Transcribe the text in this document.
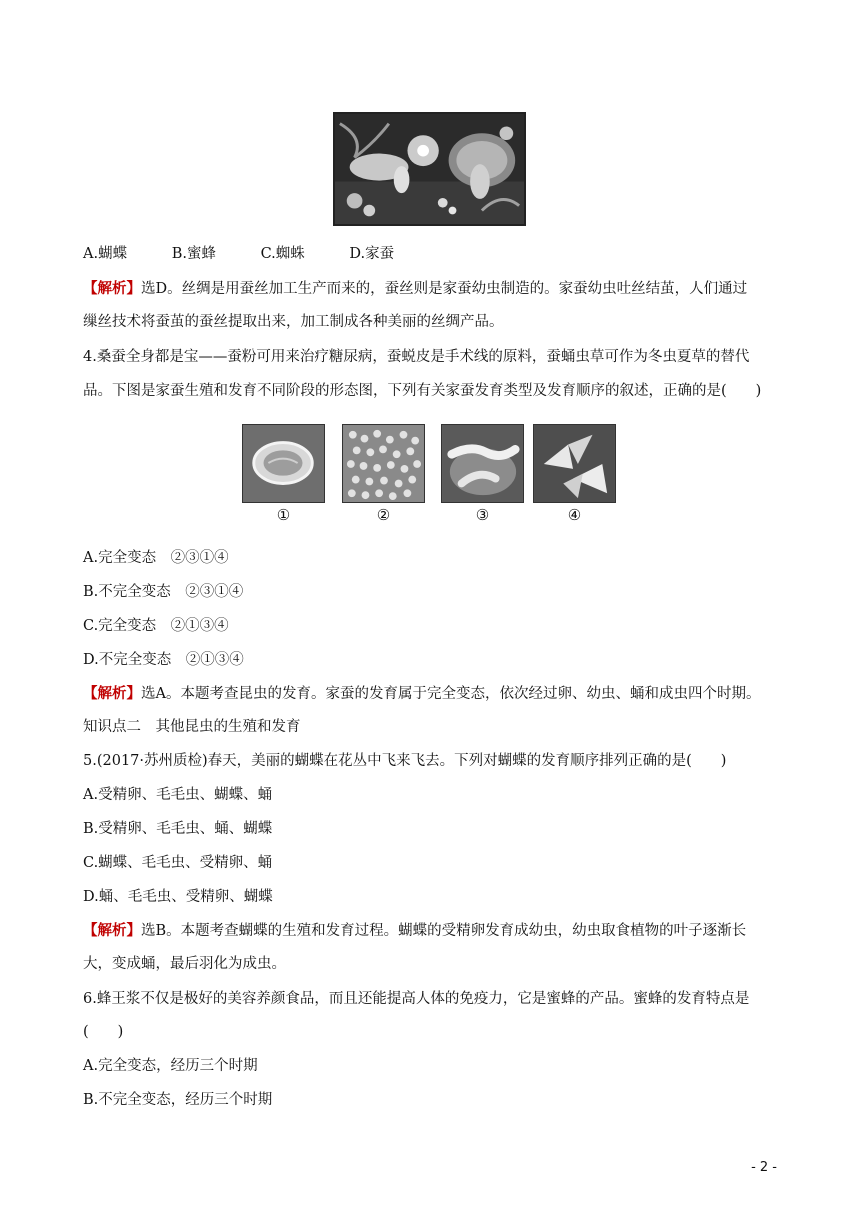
A.蝴蝶	B.蜜蜂	C.蜘蛛	D.家蚕
【解析】选D。丝绸是用蚕丝加工生产而来的，蚕丝则是家蚕幼虫制造的。家蚕幼虫吐丝结茧，人们通过
缫丝技术将蚕茧的蚕丝提取出来，加工制成各种美丽的丝绸产品。
4.桑蚕全身都是宝——蚕粉可用来治疗糖尿病，蚕蜕皮是手术线的原料，蚕蛹虫草可作为冬虫夏草的替代
品。下图是家蚕生殖和发育不同阶段的形态图，下列有关家蚕发育类型及发育顺序的叙述，正确的是(　　)
①	②	③	④
A.完全变态　②③①④
B.不完全变态　②③①④
C.完全变态　②①③④
D.不完全变态　②①③④
【解析】选A。本题考查昆虫的发育。家蚕的发育属于完全变态，依次经过卵、幼虫、蛹和成虫四个时期。
知识点二　其他昆虫的生殖和发育
5.(2017·苏州质检)春天，美丽的蝴蝶在花丛中飞来飞去。下列对蝴蝶的发育顺序排列正确的是(　　)
A.受精卵、毛毛虫、蝴蝶、蛹
B.受精卵、毛毛虫、蛹、蝴蝶
C.蝴蝶、毛毛虫、受精卵、蛹
D.蛹、毛毛虫、受精卵、蝴蝶
【解析】选B。本题考查蝴蝶的生殖和发育过程。蝴蝶的受精卵发育成幼虫，幼虫取食植物的叶子逐渐长
大，变成蛹，最后羽化为成虫。
6.蜂王浆不仅是极好的美容养颜食品，而且还能提高人体的免疫力，它是蜜蜂的产品。蜜蜂的发育特点是
(　　)
A.完全变态，经历三个时期
B.不完全变态，经历三个时期
- 2 -
